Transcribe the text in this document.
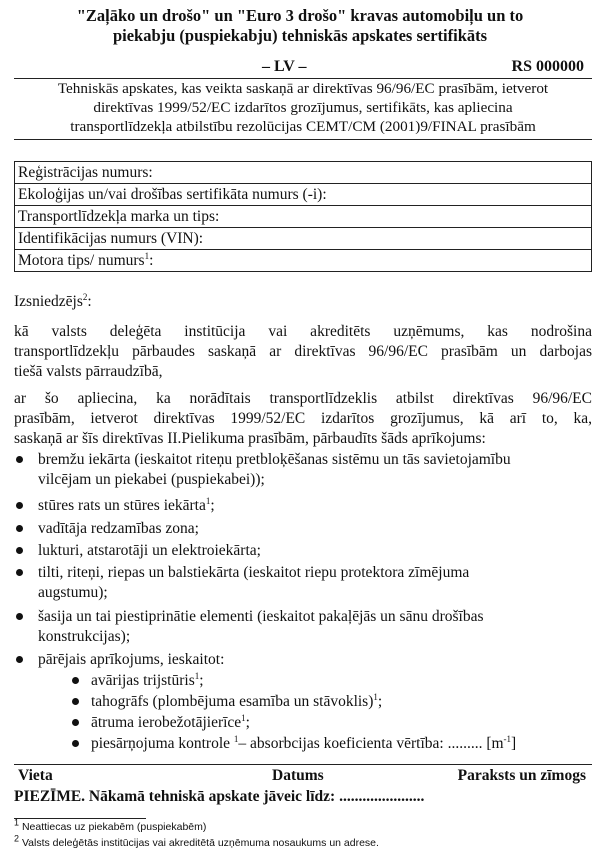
"Zaļāko un drošo" un "Euro 3 drošo" kravas automobiļu un to
piekabju (puspiekabju) tehniskās apskates sertifikāts
– LV –	RS 000000
Tehniskās apskates, kas veikta saskaņā ar direktīvas 96/96/EC prasībām, ietverot
direktīvas 1999/52/EC izdarītos grozījumus, sertifikāts, kas apliecina
transportlīdzekļa atbilstību rezolūcijas CEMT/CM (2001)9/FINAL prasībām
Reģistrācijas numurs:
Ekoloģijas un/vai drošības sertifikāta numurs (-i):
Transportlīdzekļa marka un tips:
Identifikācijas numurs (VIN):
Motora tips/ numurs$^1$:
Izsniedzējs$^2$:
kā valsts deleģēta institūcija vai akreditēts uzņēmums, kas nodrošina
transportlīdzekļu pārbaudes saskaņā ar direktīvas 96/96/EC prasībām un darbojas
tiešā valsts pārraudzībā,
ar šo apliecina, ka norādītais transportlīdzeklis atbilst direktīvas 96/96/EC
prasībām, ietverot direktīvas 1999/52/EC izdarītos grozījumus, kā arī to, ka,
saskaņā ar šīs direktīvas II.Pielikuma prasībām, pārbaudīts šāds aprīkojums:
bremžu iekārta (ieskaitot riteņu pretbloķēšanas sistēmu un tās savietojamību
vilcējam un piekabei (puspiekabei));
stūres rats un stūres iekārta$^1$;
vadītāja redzamības zona;
lukturi, atstarotāji un elektroiekārta;
tilti, riteņi, riepas un balstiekārta (ieskaitot riepu protektora zīmējuma
augstumu);
šasija un tai piestiprinātie elementi (ieskaitot pakaļējās un sānu drošības
konstrukcijas);
pārējais aprīkojums, ieskaitot:
avārijas trijstūris$^1$;
tahogrāfs (plombējuma esamība un stāvoklis)$^1$;
ātruma ierobežotājierīce$^1$;
piesārņojuma kontrole $^1$– absorbcijas koeficienta vērtība: ......... $[m^{-1}]$
Vieta	Datums	Paraksts un zīmogs
PIEZĪME. Nākamā tehniskā apskate jāveic līdz: ......................
$^1$ Neattiecas uz piekabēm (puspiekabēm)
$^2$ Valsts deleģētās institūcijas vai akreditētā uzņēmuma nosaukums un adrese.
